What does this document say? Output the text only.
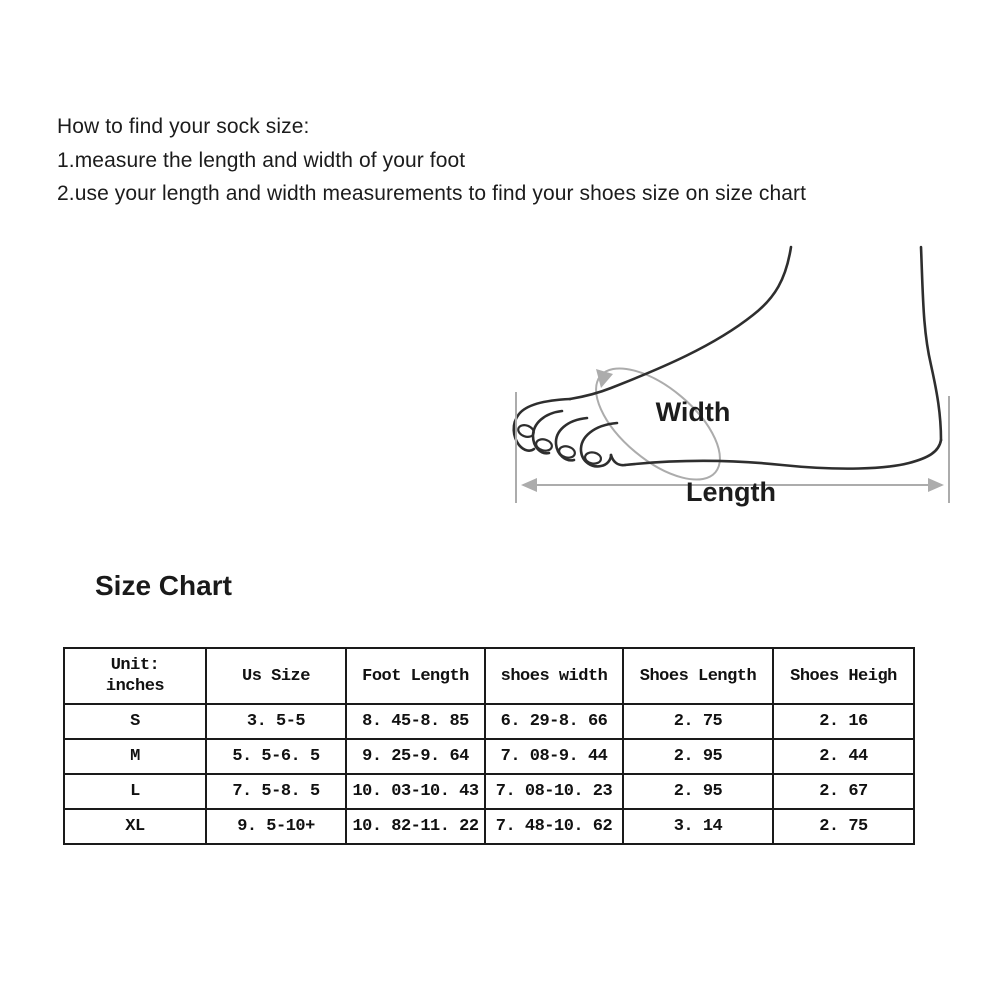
How to find your sock size:

1.measure the length and width of your foot

2.use your length and width measurements to find your shoes size on size chart

Width
Length
Size Chart
Unit:
inches	Us Size	Foot Length	shoes width	Shoes Length	Shoes Heigh
S	3. 5-5	8. 45-8. 85	6. 29-8. 66	2. 75	2. 16
M	5. 5-6. 5	9. 25-9. 64	7. 08-9. 44	2. 95	2. 44
L	7. 5-8. 5	10. 03-10. 43	7. 08-10. 23	2. 95	2. 67
XL	9. 5-10+	10. 82-11. 22	7. 48-10. 62	3. 14	2. 75
